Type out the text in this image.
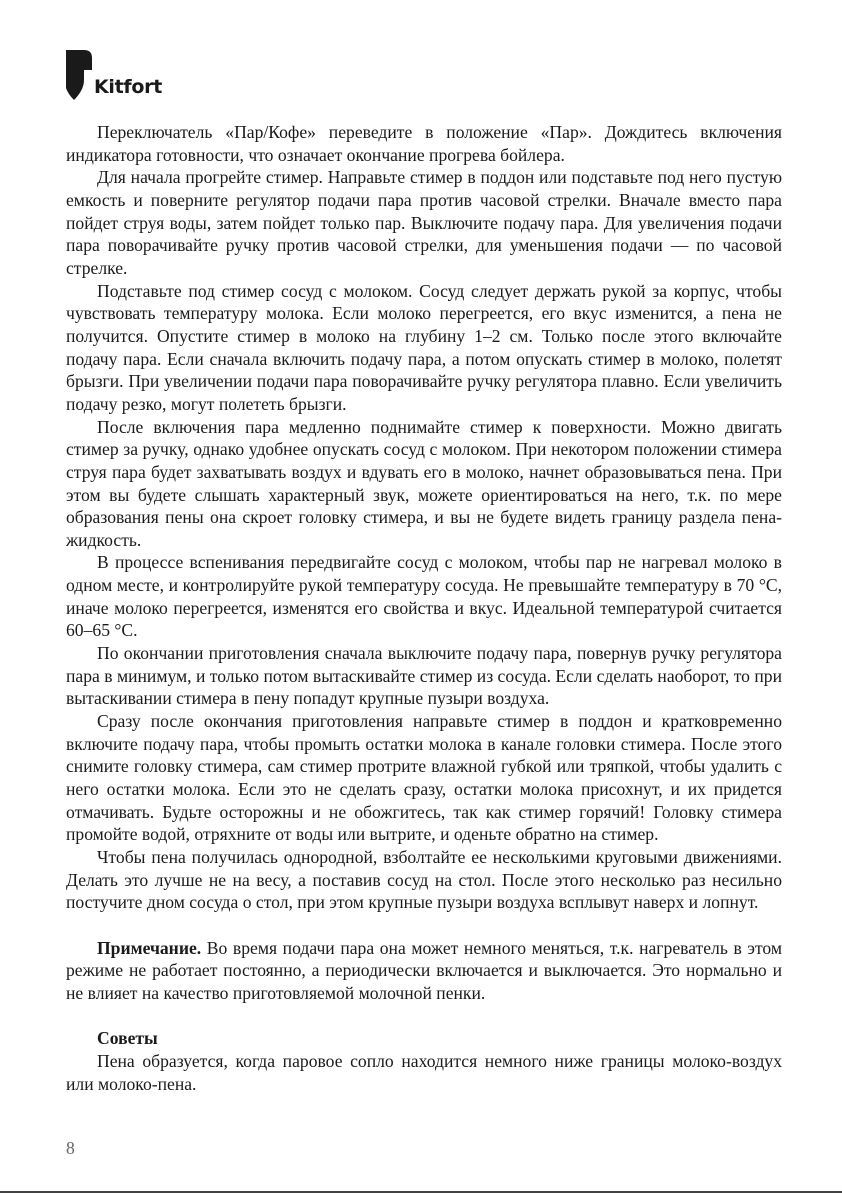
Kitfort

Переключатель «Пар/Кофе» переведите в положение «Пар». Дождитесь включения индикатора готовности, что означает окончание прогрева бойлера.

Для начала прогрейте стимер. Направьте стимер в поддон или подставьте под него пустую емкость и поверните регулятор подачи пара против часовой стрелки. Вначале вместо пара пойдет струя воды, затем пойдет только пар. Выключите подачу пара. Для увеличения подачи пара поворачивайте ручку против часовой стрелки, для уменьшения подачи — по часовой стрелке.

Подставьте под стимер сосуд с молоком. Сосуд следует держать рукой за корпус, чтобы чувствовать температуру молока. Если молоко перегреется, его вкус изменится, а пена не получится. Опустите стимер в молоко на глубину 1–2 см. Только после этого включайте подачу пара. Если сначала включить подачу пара, а потом опускать стимер в молоко, полетят брызги. При увеличении подачи пара поворачивайте ручку регулятора плавно. Если увеличить подачу резко, могут полететь брызги.

После включения пара медленно поднимайте стимер к поверхности. Можно двигать стимер за ручку, однако удобнее опускать сосуд с молоком. При некотором положении стимера струя пара будет захватывать воздух и вдувать его в молоко, начнет образовываться пена. При этом вы будете слышать характерный звук, можете ориентироваться на него, т.к. по мере образования пены она скроет головку стимера, и вы не будете видеть границу раздела пена-жидкость.

В процессе вспенивания передвигайте сосуд с молоком, чтобы пар не нагревал молоко в одном месте, и контролируйте рукой температуру сосуда. Не превышайте температуру в 70 °C, иначе молоко перегреется, изменятся его свойства и вкус. Идеальной температурой считается 60–65 °C.

По окончании приготовления сначала выключите подачу пара, повернув ручку регулятора пара в минимум, и только потом вытаскивайте стимер из сосуда. Если сделать наоборот, то при вытаскивании стимера в пену попадут крупные пузыри воздуха.

Сразу после окончания приготовления направьте стимер в поддон и кратковременно включите подачу пара, чтобы промыть остатки молока в канале головки стимера. После этого снимите головку стимера, сам стимер протрите влажной губкой или тряпкой, чтобы удалить с него остатки молока. Если это не сделать сразу, остатки молока присохнут, и их придется отмачивать. Будьте осторожны и не обожгитесь, так как стимер горячий! Головку стимера промойте водой, отряхните от воды или вытрите, и оденьте обратно на стимер.

Чтобы пена получилась однородной, взболтайте ее несколькими круговыми движениями. Делать это лучше не на весу, а поставив сосуд на стол. После этого несколько раз несильно постучите дном сосуда о стол, при этом крупные пузыри воздуха всплывут наверх и лопнут.

Примечание. Во время подачи пара она может немного меняться, т.к. нагреватель в этом режиме не работает постоянно, а периодически включается и выключается. Это нормально и не влияет на качество приготовляемой молочной пенки.

Советы

Пена образуется, когда паровое сопло находится немного ниже границы молоко-воздух или молоко-пена.

8
